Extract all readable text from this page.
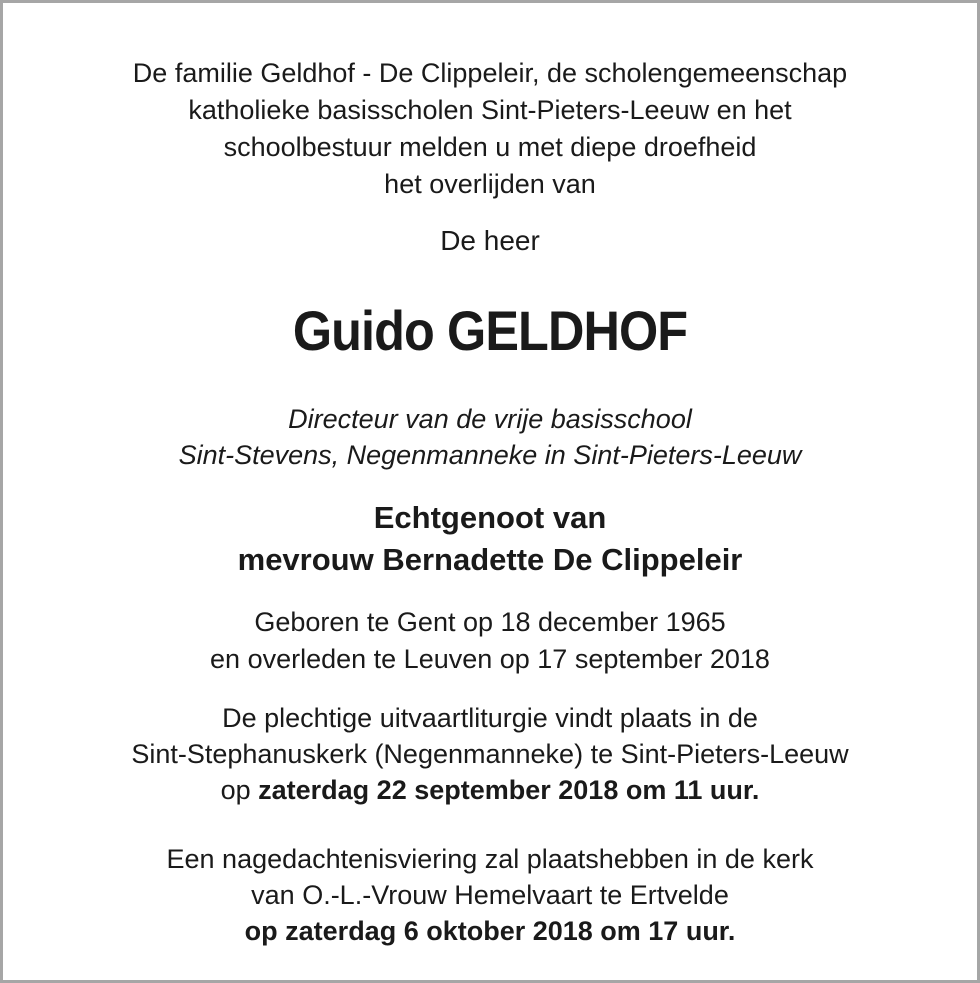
De familie Geldhof - De Clippeleir, de scholengemeenschap
katholieke basisscholen Sint-Pieters-Leeuw en het
schoolbestuur melden u met diepe droefheid
het overlijden van
De heer
Guido GELDHOF
Directeur van de vrije basisschool
Sint-Stevens, Negenmanneke in Sint-Pieters-Leeuw
Echtgenoot van
mevrouw Bernadette De Clippeleir
Geboren te Gent op 18 december 1965
en overleden te Leuven op 17 september 2018
De plechtige uitvaartliturgie vindt plaats in de
Sint-Stephanuskerk (Negenmanneke) te Sint-Pieters-Leeuw
op zaterdag 22 september 2018 om 11 uur.
Een nagedachtenisviering zal plaatshebben in de kerk
van O.-L.-Vrouw Hemelvaart te Ertvelde
op zaterdag 6 oktober 2018 om 17 uur.
